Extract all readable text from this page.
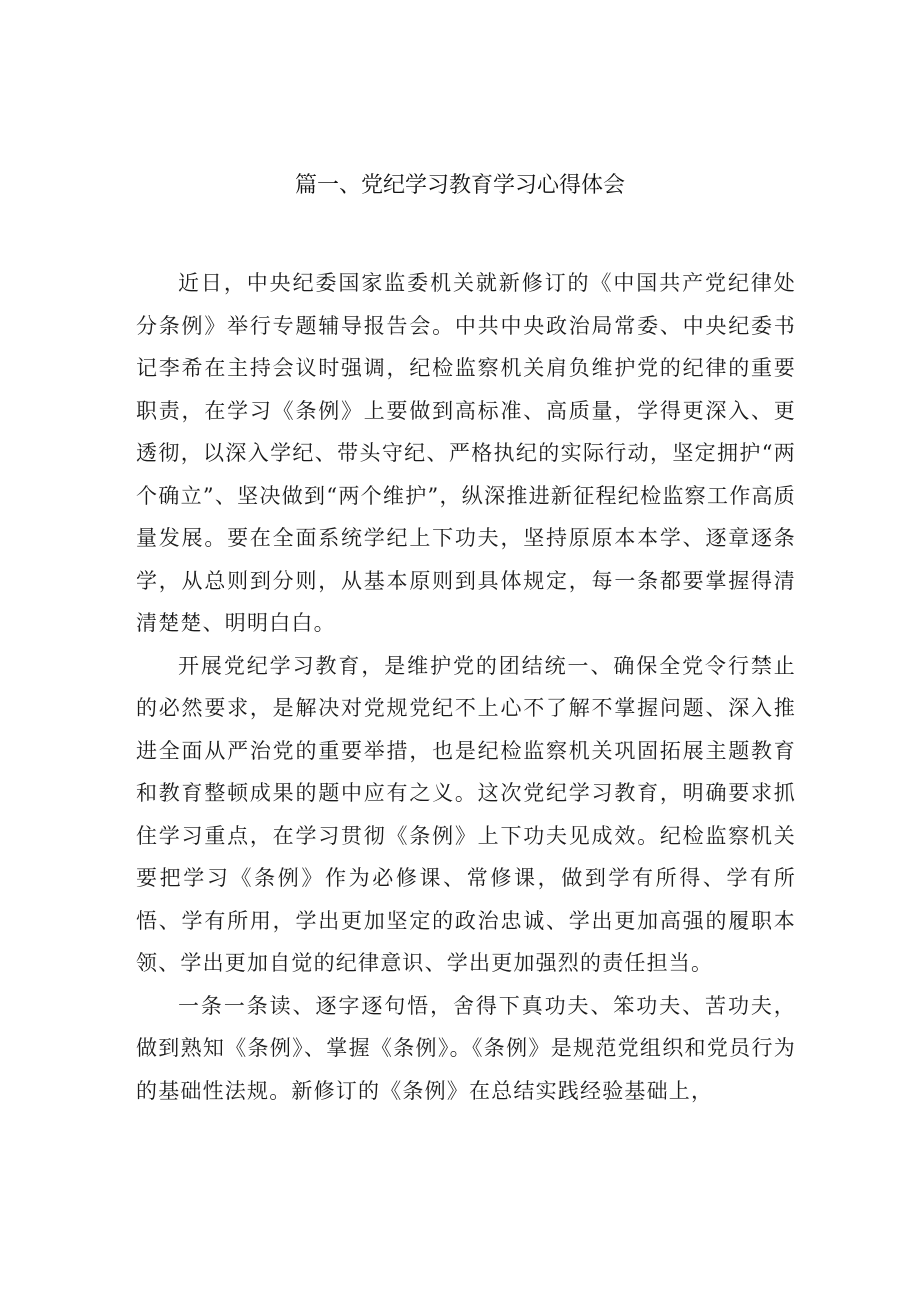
篇一、党纪学习教育学习心得体会

近日，中央纪委国家监委机关就新修订的《中国共产党纪律处分条例》举行专题辅导报告会。中共中央政治局常委、中央纪委书记李希在主持会议时强调，纪检监察机关肩负维护党的纪律的重要职责，在学习《条例》上要做到高标准、高质量，学得更深入、更透彻，以深入学纪、带头守纪、严格执纪的实际行动，坚定拥护“两个确立”、坚决做到“两个维护”，纵深推进新征程纪检监察工作高质量发展。要在全面系统学纪上下功夫，坚持原原本本学、逐章逐条学，从总则到分则，从基本原则到具体规定，每一条都要掌握得清清楚楚、明明白白。

开展党纪学习教育，是维护党的团结统一、确保全党令行禁止的必然要求，是解决对党规党纪不上心不了解不掌握问题、深入推进全面从严治党的重要举措，也是纪检监察机关巩固拓展主题教育和教育整顿成果的题中应有之义。这次党纪学习教育，明确要求抓住学习重点，在学习贯彻《条例》上下功夫见成效。纪检监察机关要把学习《条例》作为必修课、常修课，做到学有所得、学有所悟、学有所用，学出更加坚定的政治忠诚、学出更加高强的履职本领、学出更加自觉的纪律意识、学出更加强烈的责任担当。

一条一条读、逐字逐句悟，舍得下真功夫、笨功夫、苦功夫，做到熟知《条例》、掌握《条例》。《条例》是规范党组织和党员行为的基础性法规。新修订的《条例》在总结实践经验基础上，
